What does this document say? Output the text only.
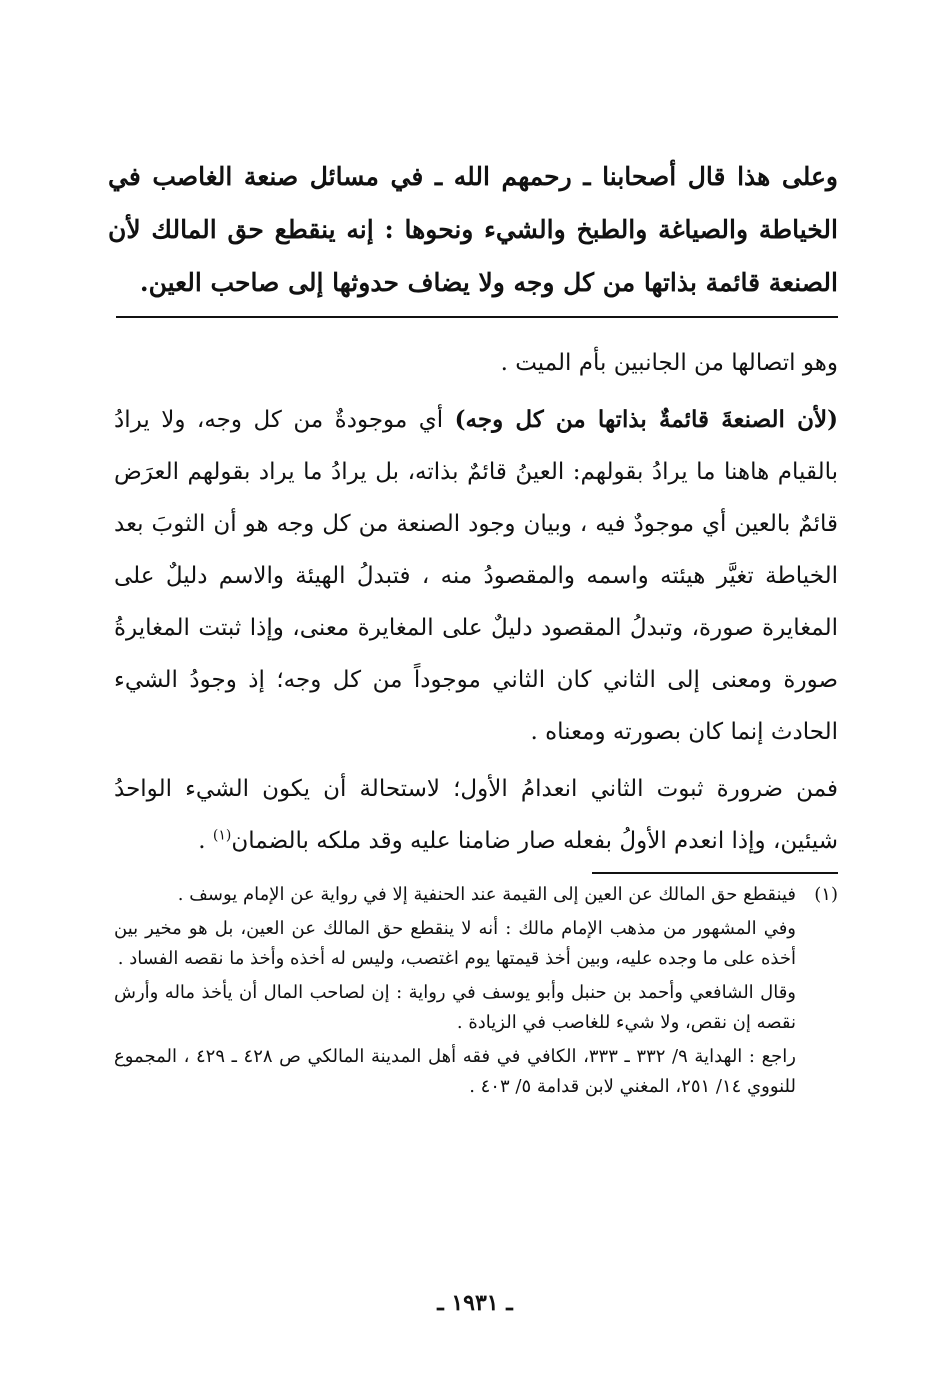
وعلى هذا قال أصحابنا ـ رحمهم الله ـ في مسائل صنعة الغاصب في الخياطة والصياغة والطبخ والشيء ونحوها : إنه ينقطع حق المالك لأن الصنعة قائمة بذاتها من كل وجه ولا يضاف حدوثها إلى صاحب العين.

وهو اتصالها من الجانبين بأم الميت .

(لأن الصنعةَ قائمةٌ بذاتها من كل وجه) أي موجودةٌ من كل وجه، ولا يرادُ بالقيام هاهنا ما يرادُ بقولهم: العينُ قائمٌ بذاته، بل يرادُ ما يراد بقولهم العرَض قائمٌ بالعين أي موجودٌ فيه ، وبيان وجود الصنعة من كل وجه هو أن الثوبَ بعد الخياطة تغيَّر هيئته واسمه والمقصودُ منه ، فتبدلُ الهيئة والاسم دليلٌ على المغايرة صورة، وتبدلُ المقصود دليلٌ على المغايرة معنى، وإذا ثبتت المغايرةُ صورة ومعنى إلى الثاني كان الثاني موجوداً من كل وجه؛ إذ وجودُ الشيء الحادث إنما كان بصورته ومعناه .

فمن ضرورة ثبوت الثاني انعدامُ الأول؛ لاستحالة أن يكون الشيء الواحدُ شيئين، وإذا انعدم الأولُ بفعله صار ضامنا عليه وقد ملكه بالضمان$^{(١)}$ .

(١)

فينقطع حق المالك عن العين إلى القيمة عند الحنفية إلا في رواية عن الإمام يوسف .

وفي المشهور من مذهب الإمام مالك : أنه لا ينقطع حق المالك عن العين، بل هو مخير بين أخذه على ما وجده عليه، وبين أخذ قيمتها يوم اغتصب، وليس له أخذه وأخذ ما نقصه الفساد .

وقال الشافعي وأحمد بن حنبل وأبو يوسف في رواية : إن لصاحب المال أن يأخذ ماله وأرش نقصه إن نقص، ولا شيء للغاصب في الزيادة .

راجع : الهداية ٩/ ٣٣٢ ـ ٣٣٣، الكافي في فقه أهل المدينة المالكي ص ٤٢٨ ـ ٤٢٩ ، المجموع للنووي ١٤/ ٢٥١، المغني لابن قدامة ٥/ ٤٠٣ .

ـ ١٩٣١ ـ
